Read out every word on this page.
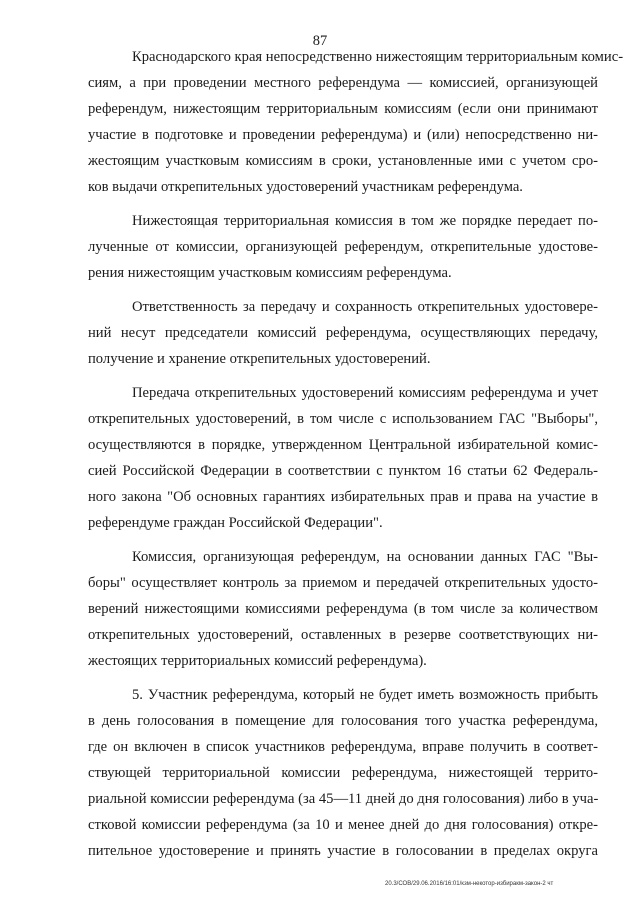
87
Краснодарского края непосредственно нижестоящим территориальным комис-
сиям, а при проведении местного референдума — комиссией, организующей
референдум, нижестоящим территориальным комиссиям (если они принимают
участие в подготовке и проведении референдума) и (или) непосредственно ни-
жестоящим участковым комиссиям в сроки, установленные ими с учетом сро-
ков выдачи открепительных удостоверений участникам референдума.
Нижестоящая территориальная комиссия в том же порядке передает по-
лученные от комиссии, организующей референдум, открепительные удостове-
рения нижестоящим участковым комиссиям референдума.
Ответственность за передачу и сохранность открепительных удостовере-
ний несут председатели комиссий референдума, осуществляющих передачу,
получение и хранение открепительных удостоверений.
Передача открепительных удостоверений комиссиям референдума и учет
открепительных удостоверений, в том числе с использованием ГАС "Выборы",
осуществляются в порядке, утвержденном Центральной избирательной комис-
сией Российской Федерации в соответствии с пунктом 16 статьи 62 Федераль-
ного закона "Об основных гарантиях избирательных прав и права на участие в
референдуме граждан Российской Федерации".
Комиссия, организующая референдум, на основании данных ГАС "Вы-
боры" осуществляет контроль за приемом и передачей открепительных удосто-
верений нижестоящими комиссиями референдума (в том числе за количеством
открепительных удостоверений, оставленных в резерве соответствующих ни-
жестоящих территориальных комиссий референдума).
5. Участник референдума, который не будет иметь возможность прибыть
в день голосования в помещение для голосования того участка референдума,
где он включен в список участников референдума, вправе получить в соответ-
ствующей территориальной комиссии референдума, нижестоящей террито-
риальной комиссии референдума (за 45—11 дней до дня голосования) либо в уча-
стковой комиссии референдума (за 10 и менее дней до дня голосования) откре-
пительное удостоверение и принять участие в голосовании в пределах округа
20.3/СОВ/29.06.2016/16:01/кзм-некотор-избиракм-закон-2 чт
